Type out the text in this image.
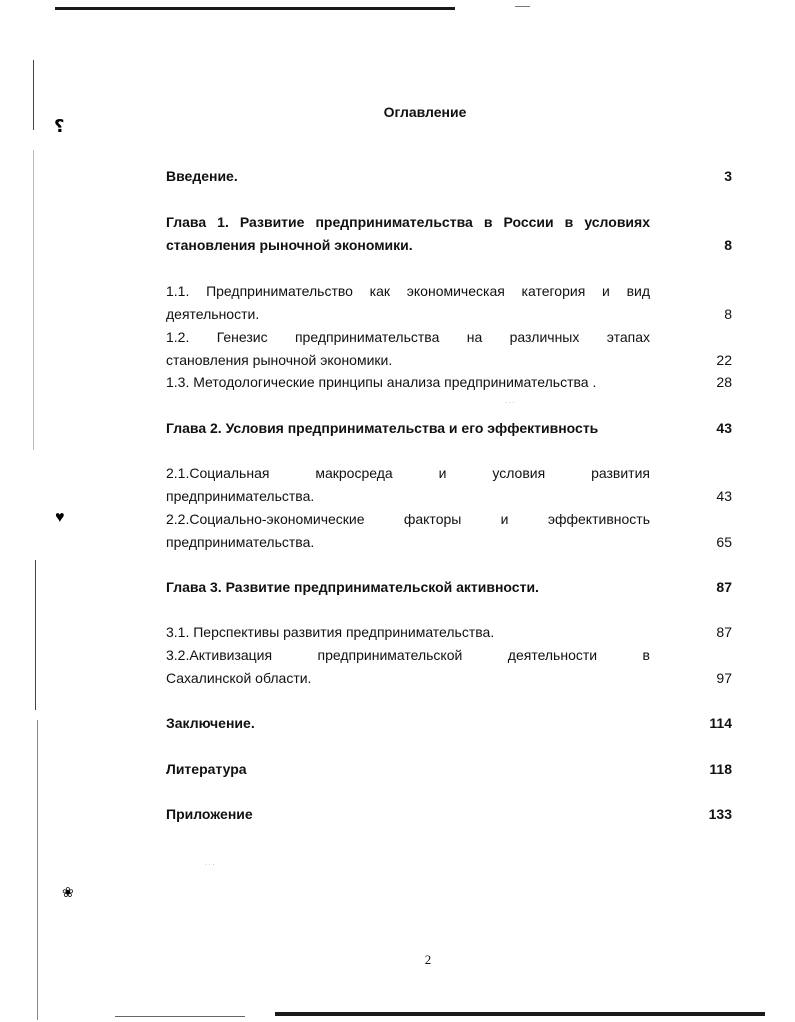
⸮
♥
❀
· · ·
· · ·
Оглавление
Введение.	3
Глава 1. Развитие предпринимательства в России в условиях
становления рыночной экономики.	8
1.1. Предпринимательство как экономическая категория и вид
деятельности.	8
1.2. Генезис предпринимательства на различных этапах
становления рыночной экономики.	22
1.3. Методологические принципы анализа предпринимательства .	28
Глава 2. Условия предпринимательства и его эффективность	43
2.1.Социальная макросреда и условия развития
предпринимательства.	43
2.2.Социально-экономические факторы и эффективность
предпринимательства.	65
Глава 3. Развитие предпринимательской активности.	87
3.1. Перспективы развития предпринимательства.	87
3.2.Активизация предпринимательской деятельности в
Сахалинской области.	97
Заключение.	114
Литература	118
Приложение	133
2
